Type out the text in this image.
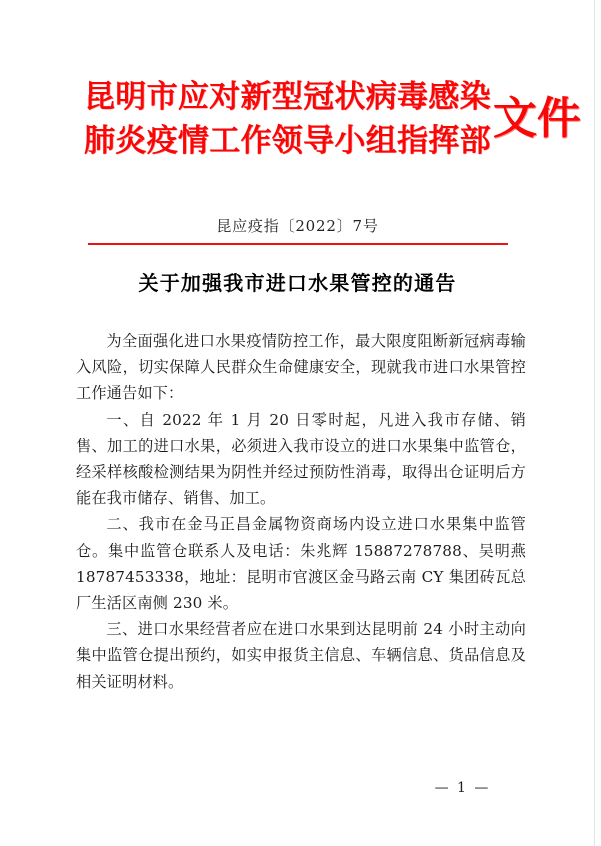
昆明市应对新型冠状病毒感染
肺炎疫情工作领导小组指挥部 文件
昆应疫指〔2022〕7号
关于加强我市进口水果管控的通告

为全面强化进口水果疫情防控工作，最大限度阻断新冠病毒输入风险，切实保障人民群众生命健康安全，现就我市进口水果管控工作通告如下：

一、自 2022 年 1 月 20 日零时起，凡进入我市存储、销售、加工的进口水果，必须进入我市设立的进口水果集中监管仓，经采样核酸检测结果为阴性并经过预防性消毒，取得出仓证明后方能在我市储存、销售、加工。

二、我市在金马正昌金属物资商场内设立进口水果集中监管仓。集中监管仓联系人及电话：朱兆辉 15887278788、吴明燕 18787453338，地址：昆明市官渡区金马路云南 CY 集团砖瓦总厂生活区南侧 230 米。

三、进口水果经营者应在进口水果到达昆明前 24 小时主动向集中监管仓提出预约，如实申报货主信息、车辆信息、货品信息及相关证明材料。

— 1 —
